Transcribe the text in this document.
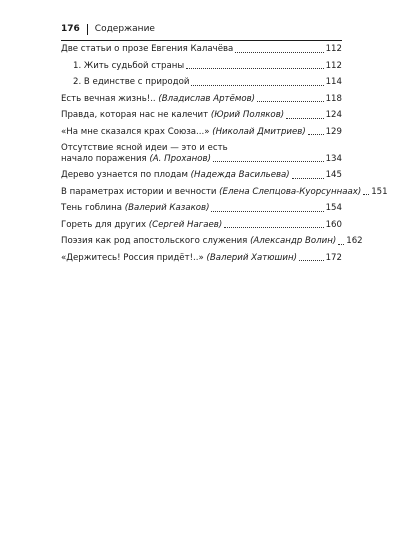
176 Содержание
Две статьи о прозе Евгения Калачёва	112
1. Жить судьбой страны	112
2. В единстве с природой	114
Есть вечная жизнь!.. (Владислав Артёмов)	118
Правда, которая нас не калечит (Юрий Поляков)	124
«На мне сказался крах Союза...» (Николай Дмитриев) 129
Отсутствие ясной идеи — это и есть
начало поражения (А. Проханов)	134
Дерево узнается по плодам (Надежда Васильева)	145
В параметрах истории и вечности (Елена Слепцова-Куорсуннаах) 151
Тень гоблина (Валерий Казаков)	154
Гореть для других (Сергей Нагаев)	160
Поэзия как род апостольского служения (Александр Волин) 162
«Держитесь! Россия придёт!..» (Валерий Хатюшин)	172
